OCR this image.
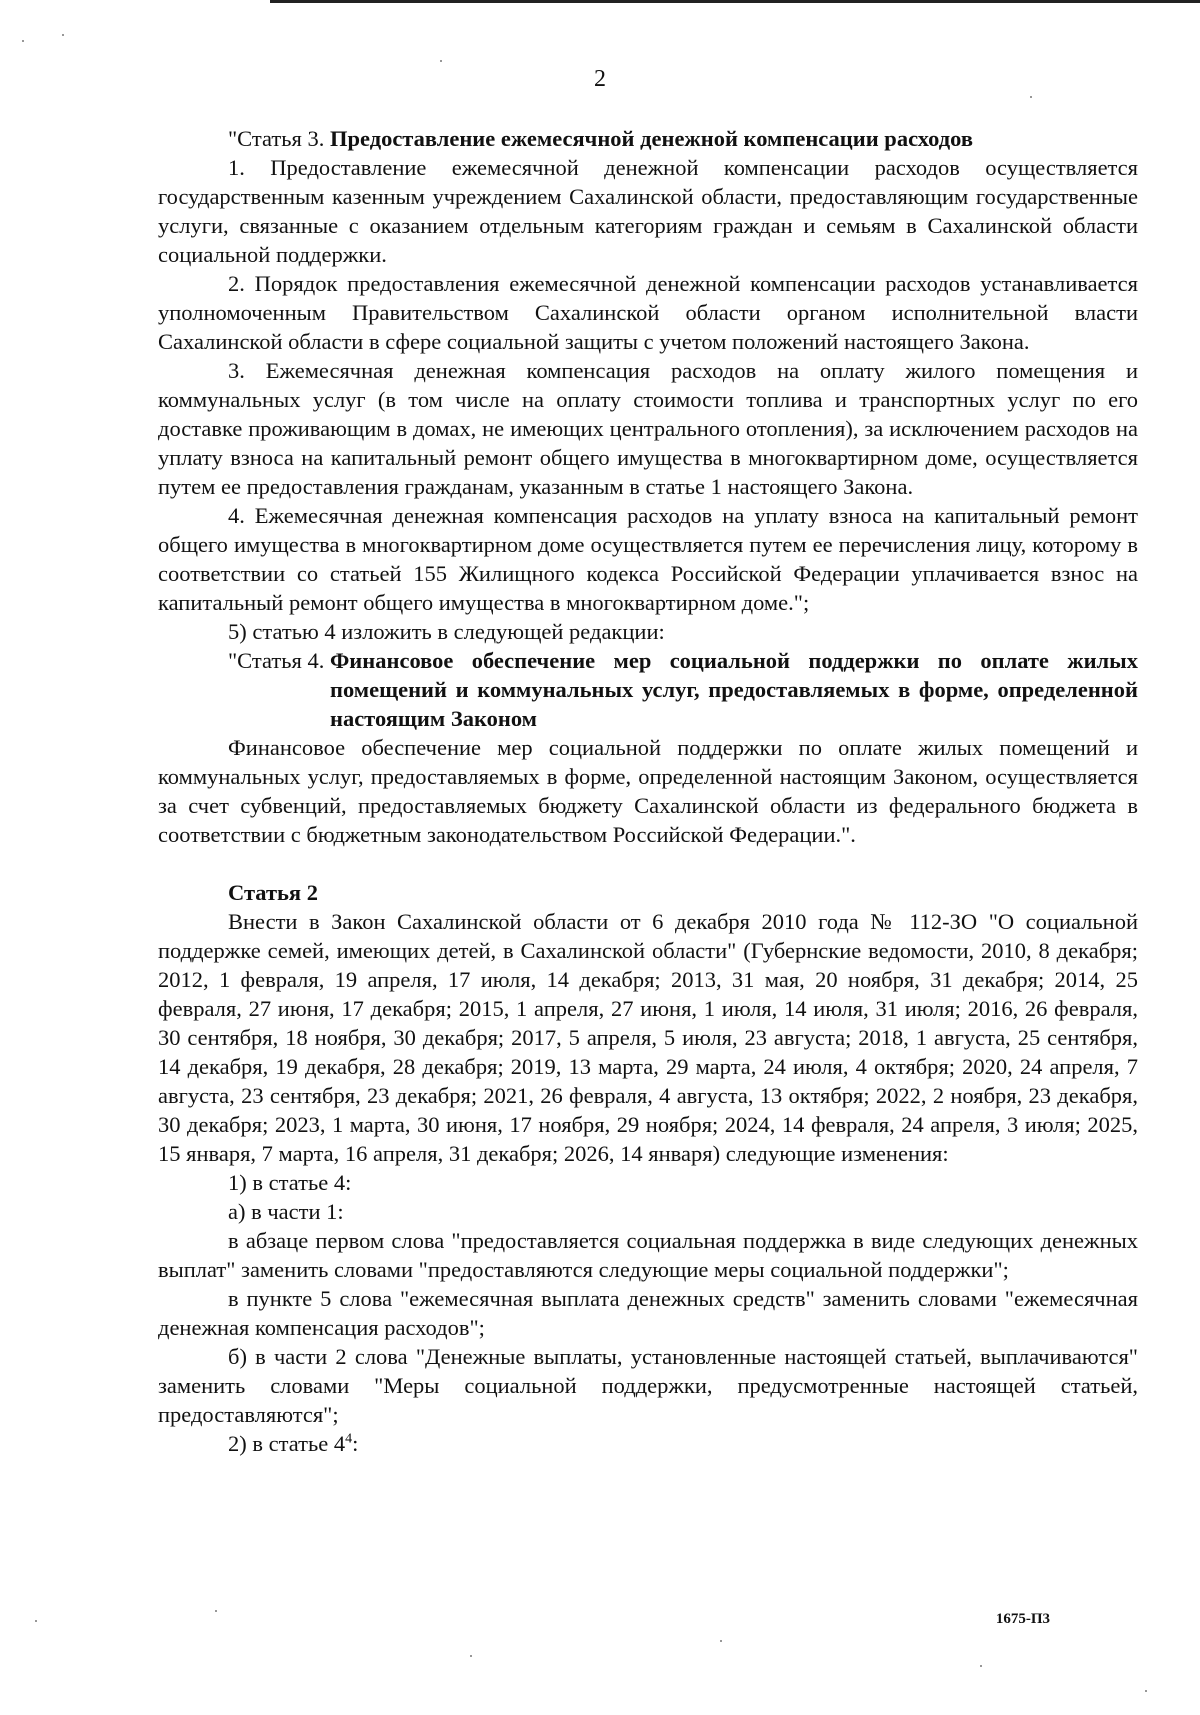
2
"Статья 3. Предоставление ежемесячной денежной компенсации расходов

1. Предоставление ежемесячной денежной компенсации расходов осуществляется государственным казенным учреждением Сахалинской области, предоставляющим государственные услуги, связанные с оказанием отдельным категориям граждан и семьям в Сахалинской области социальной поддержки.

2. Порядок предоставления ежемесячной денежной компенсации расходов устанавливается уполномоченным Правительством Сахалинской области органом исполнительной власти Сахалинской области в сфере социальной защиты с учетом положений настоящего Закона.

3. Ежемесячная денежная компенсация расходов на оплату жилого помещения и коммунальных услуг (в том числе на оплату стоимости топлива и транспортных услуг по его доставке проживающим в домах, не имеющих центрального отопления), за исключением расходов на уплату взноса на капитальный ремонт общего имущества в многоквартирном доме, осуществляется путем ее предоставления гражданам, указанным в статье 1 настоящего Закона.

4. Ежемесячная денежная компенсация расходов на уплату взноса на капитальный ремонт общего имущества в многоквартирном доме осуществляется путем ее перечисления лицу, которому в соответствии со статьей 155 Жилищного кодекса Российской Федерации уплачивается взнос на капитальный ремонт общего имущества в многоквартирном доме.";

5) статью 4 изложить в следующей редакции:

"Статья 4. Финансовое обеспечение мер социальной поддержки по оплате жилых помещений и коммунальных услуг, предоставляемых в форме, определенной настоящим Законом

Финансовое обеспечение мер социальной поддержки по оплате жилых помещений и коммунальных услуг, предоставляемых в форме, определенной настоящим Законом, осуществляется за счет субвенций, предоставляемых бюджету Сахалинской области из федерального бюджета в соответствии с бюджетным законодательством Российской Федерации.".

Статья 2

Внести в Закон Сахалинской области от 6 декабря 2010 года № 112-ЗО "О социальной поддержке семей, имеющих детей, в Сахалинской области" (Губернские ведомости, 2010, 8 декабря; 2012, 1 февраля, 19 апреля, 17 июля, 14 декабря; 2013, 31 мая, 20 ноября, 31 декабря; 2014, 25 февраля, 27 июня, 17 декабря; 2015, 1 апреля, 27 июня, 1 июля, 14 июля, 31 июля; 2016, 26 февраля, 30 сентября, 18 ноября, 30 декабря; 2017, 5 апреля, 5 июля, 23 августа; 2018, 1 августа, 25 сентября, 14 декабря, 19 декабря, 28 декабря; 2019, 13 марта, 29 марта, 24 июля, 4 октября; 2020, 24 апреля, 7 августа, 23 сентября, 23 декабря; 2021, 26 февраля, 4 августа, 13 октября; 2022, 2 ноября, 23 декабря, 30 декабря; 2023, 1 марта, 30 июня, 17 ноября, 29 ноября; 2024, 14 февраля, 24 апреля, 3 июля; 2025, 15 января, 7 марта, 16 апреля, 31 декабря; 2026, 14 января) следующие изменения:

1) в статье 4:

а) в части 1:

в абзаце первом слова "предоставляется социальная поддержка в виде следующих денежных выплат" заменить словами "предоставляются следующие меры социальной поддержки";

в пункте 5 слова "ежемесячная выплата денежных средств" заменить словами "ежемесячная денежная компенсация расходов";

б) в части 2 слова "Денежные выплаты, установленные настоящей статьей, выплачиваются" заменить словами "Меры социальной поддержки, предусмотренные настоящей статьей, предоставляются";

2) в статье $4^4$:

1675-П3
